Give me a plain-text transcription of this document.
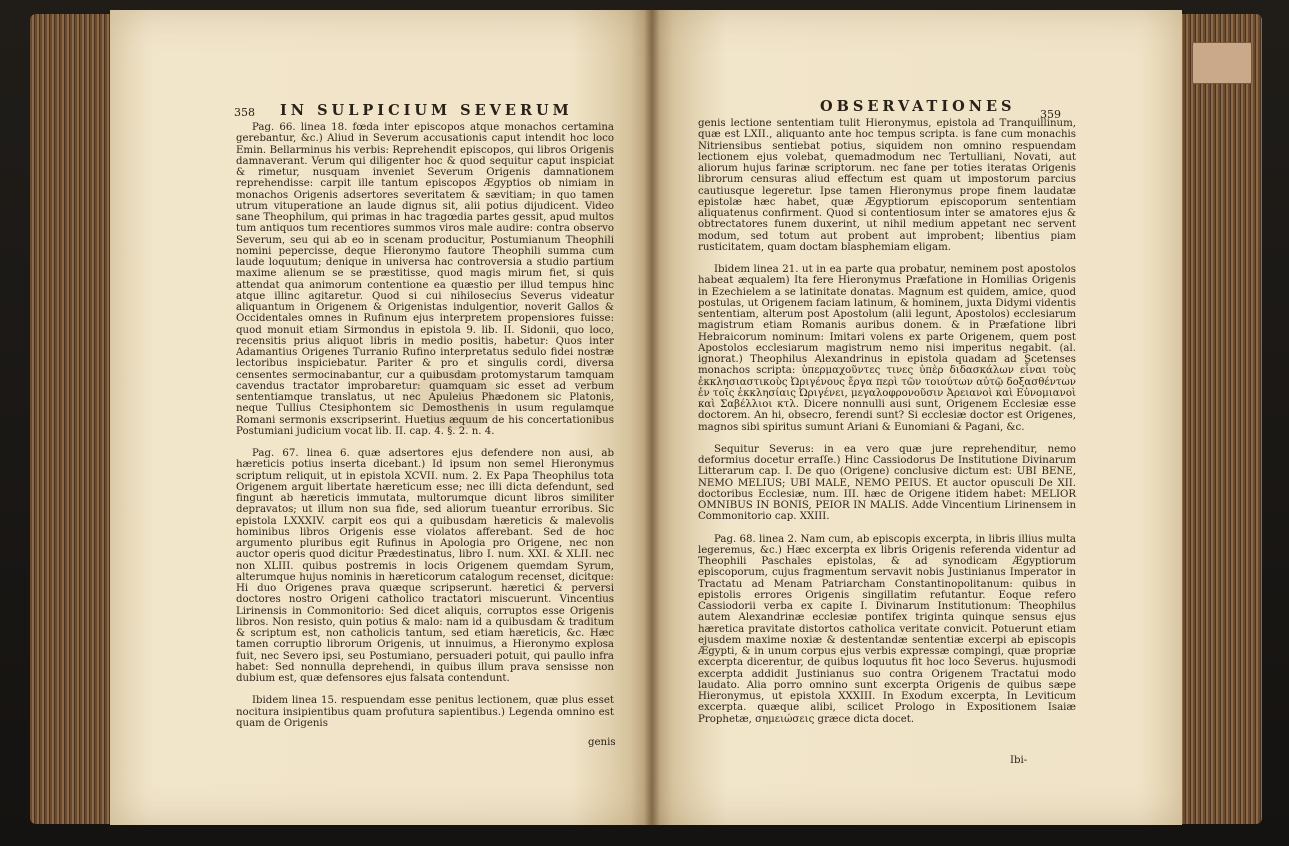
358 IN SULPICIUM SEVERUM

Pag. 66. linea 18. fœda inter episcopos atque monachos certamina gerebantur, &c.) Aliud in Severum accusationis caput intendit hoc loco Emin. Bellarminus his verbis: Reprehendit episcopos, qui libros Origenis damnaverant. Verum qui diligenter hoc & quod sequitur caput inspiciat & rimetur, nusquam inveniet Severum Origenis damnationem reprehendisse: carpit ille tantum episcopos Ægyptios ob nimiam in monachos Origenis adsertores severitatem & sævitiam; in quo tamen utrum vituperatione an laude dignus sit, alii potius dijudicent. Video sane Theophilum, qui primas in hac tragœdia partes gessit, apud multos tum antiquos tum recentiores summos viros male audire: contra observo Severum, seu qui ab eo in scenam producitur, Postumianum Theophili nomini pepercisse, deque Hieronymo fautore Theophili summa cum laude loquutum; denique in universa hac controversia a studio partium maxime alienum se se præstitisse, quod magis mirum fiet, si quis attendat qua animorum contentione ea quæstio per illud tempus hinc atque illinc agitaretur. Quod si cui nihilosecius Severus videatur aliquantum in Origenem & Origenistas indulgentior, noverit Gallos & Occidentales omnes in Rufinum ejus interpretem propensiores fuisse: quod monuit etiam Sirmondus in epistola 9. lib. II. Sidonii, quo loco, recensitis prius aliquot libris in medio positis, habetur: Quos inter Adamantius Origenes Turranio Rufino interpretatus sedulo fidei nostræ lectoribus inspiciebatur. Pariter & pro et singulis cordi, diversa censentes sermocinabantur, cur a quibusdam protomystarum tamquam cavendus tractator improbaretur: quamquam sic esset ad verbum sententiamque translatus, ut nec Apuleius Phædonem sic Platonis, neque Tullius Ctesiphontem sic Demosthenis in usum regulamque Romani sermonis exscripserint. Huetius æquum de his concertationibus Postumiani judicium vocat lib. II. cap. 4. §. 2. n. 4.

Pag. 67. linea 6. quæ adsertores ejus defendere non ausi, ab hæreticis potius inserta dicebant.) Id ipsum non semel Hieronymus scriptum reliquit, ut in epistola XCVII. num. 2. Ex Papa Theophilus tota Origenem arguit libertate hæreticum esse; nec illi dicta defendunt, sed fingunt ab hæreticis immutata, multorumque dicunt libros similiter depravatos; ut illum non sua fide, sed aliorum tueantur erroribus. Sic epistola LXXXIV. carpit eos qui a quibusdam hæreticis & malevolis hominibus libros Origenis esse violatos afferebant. Sed de hoc argumento pluribus egit Rufinus in Apologia pro Origene, nec non auctor operis quod dicitur Prædestinatus, libro I. num. XXI. & XLII. nec non XLIII. quibus postremis in locis Origenem quemdam Syrum, alterumque hujus nominis in hæreticorum catalogum recenset, dicitque: Hi duo Origenes prava quæque scripserunt. hæretici & perversi doctores nostro Origeni catholico tractatori miscuerunt. Vincentius Lirinensis in Commonitorio: Sed dicet aliquis, corruptos esse Origenis libros. Non resisto, quin potius & malo: nam id a quibusdam & traditum & scriptum est, non catholicis tantum, sed etiam hæreticis, &c. Hæc tamen corruptio librorum Origenis, ut innuimus, a Hieronymo explosa fuit, nec Severo ipsi, seu Postumiano, persuaderi potuit, qui paullo infra habet: Sed nonnulla deprehendi, in quibus illum prava sensisse non dubium est, quæ defensores ejus falsata contendunt.

Ibidem linea 15. respuendam esse penitus lectionem, quæ plus esset nocitura insipientibus quam profutura sapientibus.) Legenda omnino est quam de Origenis

genis
OBSERVATIONES 359

genis lectione sententiam tulit Hieronymus, epistola ad Tranquillinum, quæ est LXII., aliquanto ante hoc tempus scripta. is fane cum monachis Nitriensibus sentiebat potius, siquidem non omnino respuendam lectionem ejus volebat, quemadmodum nec Tertulliani, Novati, aut aliorum hujus farinæ scriptorum. nec fane per toties iteratas Origenis librorum censuras aliud effectum est quam ut impostorum parcius cautiusque legeretur. Ipse tamen Hieronymus prope finem laudatæ epistolæ hæc habet, quæ Ægyptiorum episcoporum sententiam aliquatenus confirment. Quod si contentiosum inter se amatores ejus & obtrectatores funem duxerint, ut nihil medium appetant nec servent modum, sed totum aut probent aut improbent; libentius piam rusticitatem, quam doctam blasphemiam eligam.

Ibidem linea 21. ut in ea parte qua probatur, neminem post apostolos habeat æqualem) Ita fere Hieronymus Præfatione in Homilias Origenis in Ezechielem a se latinitate donatas. Magnum est quidem, amice, quod postulas, ut Origenem faciam latinum, & hominem, juxta Didymi videntis sententiam, alterum post Apostolum (alii legunt, Apostolos) ecclesiarum magistrum etiam Romanis auribus donem. & in Præfatione libri Hebraicorum nominum: Imitari volens ex parte Origenem, quem post Apostolos ecclesiarum magistrum nemo nisi imperitus negabit. (al. ignorat.) Theophilus Alexandrinus in epistola quadam ad Scetenses monachos scripta: ὑπερμαχοῦντες τινες ὑπὲρ διδασκάλων εἶναι τοὺς ἐκκλησιαστικοὺς Ὠριγένους ἔργα περὶ τῶν τοιούτων αὐτῷ δοξασθέντων ἐν τοῖς ἐκκλησίαις Ὠριγένει, μεγαλοφρονοῦσιν Ἀρειανοὶ καὶ Εὐνομιανοὶ καὶ Σαβέλλιοι κτλ. Dicere nonnulli ausi sunt, Origenem Ecclesiæ esse doctorem. An hi, obsecro, ferendi sunt? Si ecclesiæ doctor est Origenes, magnos sibi spiritus sumunt Ariani & Eunomiani & Pagani, &c.

Sequitur Severus: in ea vero quæ jure reprehenditur, nemo deformius docetur erraſſe.) Hinc Cassiodorus De Institutione Divinarum Litterarum cap. I. De quo (Origene) conclusive dictum est: UBI BENE, NEMO MELIUS; UBI MALE, NEMO PEIUS. Et auctor opusculi De XII. doctoribus Ecclesiæ, num. III. hæc de Origene itidem habet: MELIOR OMNIBUS IN BONIS, PEIOR IN MALIS. Adde Vincentium Lirinensem in Commonitorio cap. XXIII.

Pag. 68. linea 2. Nam cum, ab episcopis excerpta, in libris illius multa legeremus, &c.) Hæc excerpta ex libris Origenis referenda videntur ad Theophili Paschales epistolas, & ad synodicam Ægyptiorum episcoporum, cujus fragmentum servavit nobis Justinianus Imperator in Tractatu ad Menam Patriarcham Constantinopolitanum: quibus in epistolis errores Origenis singillatim refutantur. Eoque refero Cassiodorii verba ex capite I. Divinarum Institutionum: Theophilus autem Alexandrinæ ecclesiæ pontifex triginta quinque sensus ejus hæretica pravitate distortos catholica veritate convicit. Potuerunt etiam ejusdem maxime noxiæ & destentandæ sententiæ excerpi ab episcopis Ægypti, & in unum corpus ejus verbis expressæ compingi, quæ propriæ excerpta dicerentur, de quibus loquutus fit hoc loco Severus. hujusmodi excerpta addidit Justinianus suo contra Origenem Tractatui modo laudato. Alia porro omnino sunt excerpta Origenis de quibus sæpe Hieronymus, ut epistola XXXIII. In Exodum excerpta, In Leviticum excerpta. quæque alibi, scilicet Prologo in Expositionem Isaiæ Prophetæ, σημειώσεις græce dicta docet.

Ibi-
